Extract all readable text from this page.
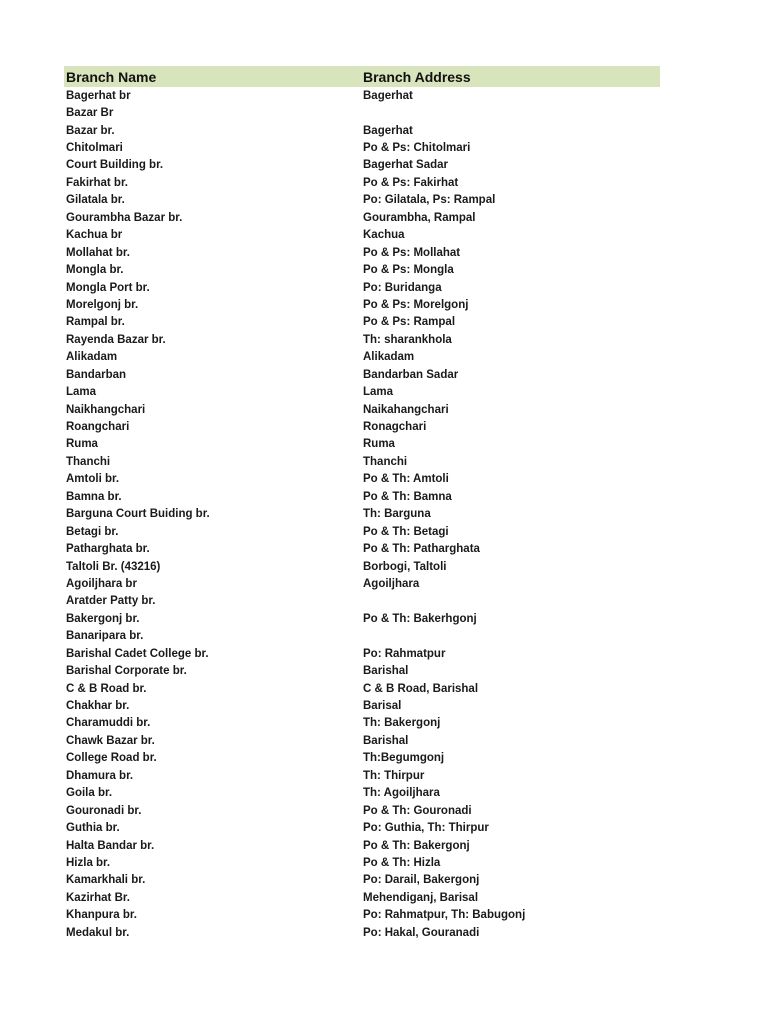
Branch Name	Branch Address
Bagerhat br	Bagerhat
Bazar Br
Bazar br.	Bagerhat
Chitolmari	Po & Ps: Chitolmari
Court Building br.	Bagerhat Sadar
Fakirhat br.	Po & Ps: Fakirhat
Gilatala br.	Po: Gilatala, Ps: Rampal
Gourambha Bazar br.	Gourambha, Rampal
Kachua br	Kachua
Mollahat br.	Po & Ps: Mollahat
Mongla br.	Po & Ps: Mongla
Mongla Port br.	Po: Buridanga
Morelgonj br.	Po & Ps: Morelgonj
Rampal br.	Po & Ps: Rampal
Rayenda Bazar br.	Th: sharankhola
Alikadam	Alikadam
Bandarban	Bandarban Sadar
Lama	Lama
Naikhangchari	Naikahangchari
Roangchari	Ronagchari
Ruma	Ruma
Thanchi	Thanchi
Amtoli br.	Po & Th: Amtoli
Bamna br.	Po & Th: Bamna
Barguna Court Buiding br.	Th: Barguna
Betagi br.	Po & Th: Betagi
Patharghata br.	Po & Th: Patharghata
Taltoli Br. (43216)	Borbogi, Taltoli
Agoiljhara br	Agoiljhara
Aratder Patty br.
Bakergonj br.	Po & Th: Bakerhgonj
Banaripara br.
Barishal Cadet College br.	Po: Rahmatpur
Barishal Corporate br.	Barishal
C & B Road br.	C & B Road, Barishal
Chakhar br.	Barisal
Charamuddi br.	Th: Bakergonj
Chawk Bazar br.	Barishal
College Road br.	Th:Begumgonj
Dhamura br.	Th: Thirpur
Goila br.	Th: Agoiljhara
Gouronadi br.	Po & Th: Gouronadi
Guthia br.	Po: Guthia, Th: Thirpur
Halta Bandar br.	Po & Th: Bakergonj
Hizla br.	Po & Th: Hizla
Kamarkhali br.	Po: Darail, Bakergonj
Kazirhat Br.	Mehendiganj, Barisal
Khanpura br.	Po: Rahmatpur, Th: Babugonj
Medakul br.	Po: Hakal, Gouranadi
